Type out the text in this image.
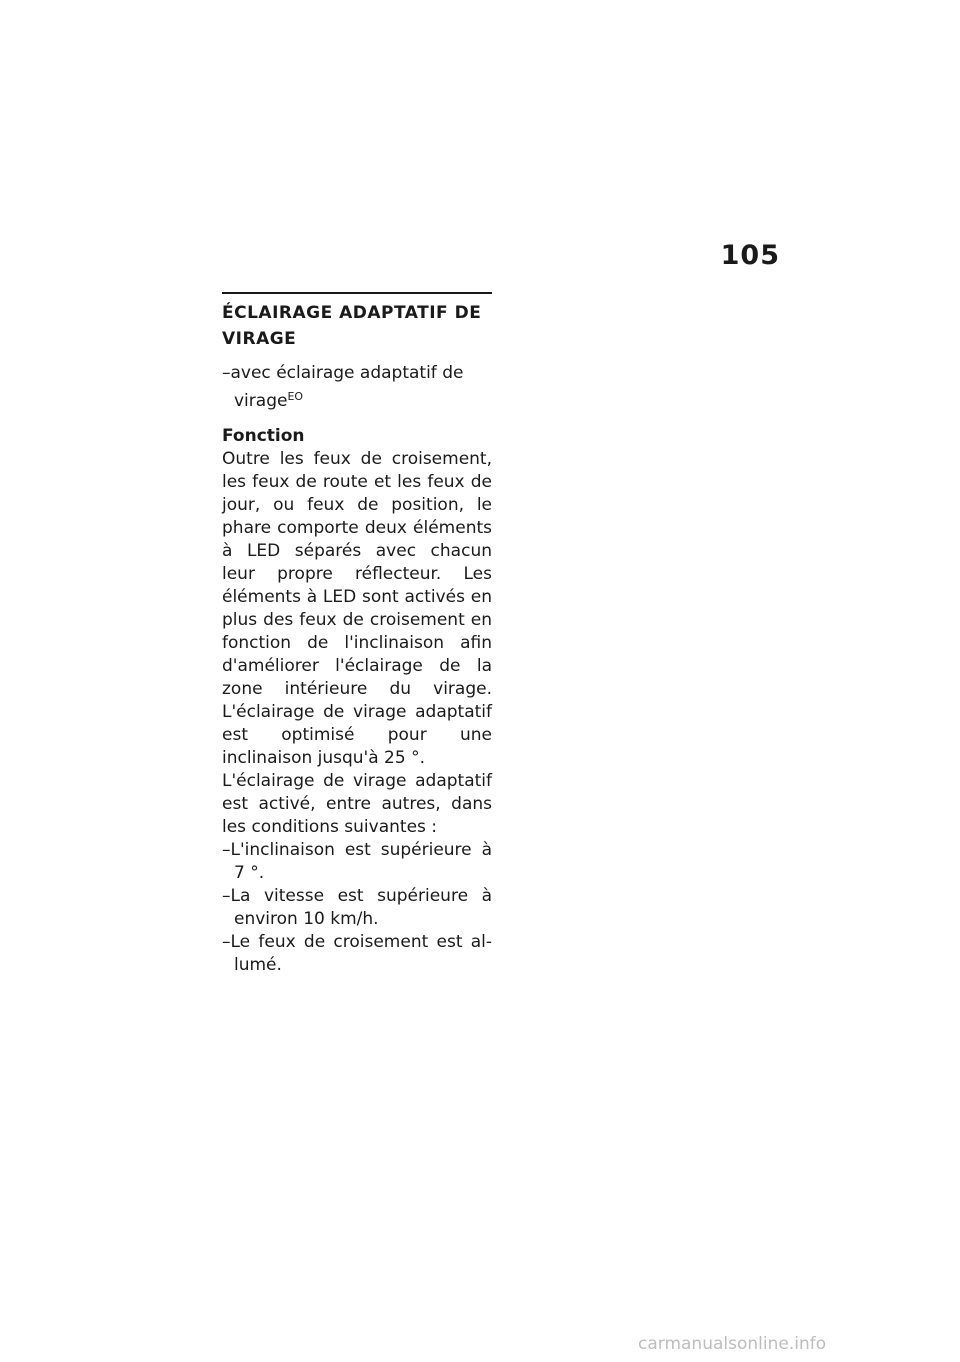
105
ÉCLAIRAGE ADAPTATIF DE VIRAGE
–avec éclairage adaptatif de virage$^{EO}$
Fonction

Outre les feux de croisement, les feux de route et les feux de jour, ou feux de position, le phare comporte deux éléments à LED séparés avec chacun leur propre réflecteur. Les éléments à LED sont activés en plus des feux de croisement en fonction de l'inclinaison afin d'améliorer l'éclairage de la zone intérieure du virage. L'éclairage de virage adaptatif est optimisé pour une inclinaison jusqu'à 25 °.

L'éclairage de virage adaptatif est activé, entre autres, dans les conditions suivantes :

–L'inclinaison est supérieure à 7 °.
–La vitesse est supérieure à environ 10 km/h.
–Le feux de croisement est al- lumé.
carmanualsonline.info
